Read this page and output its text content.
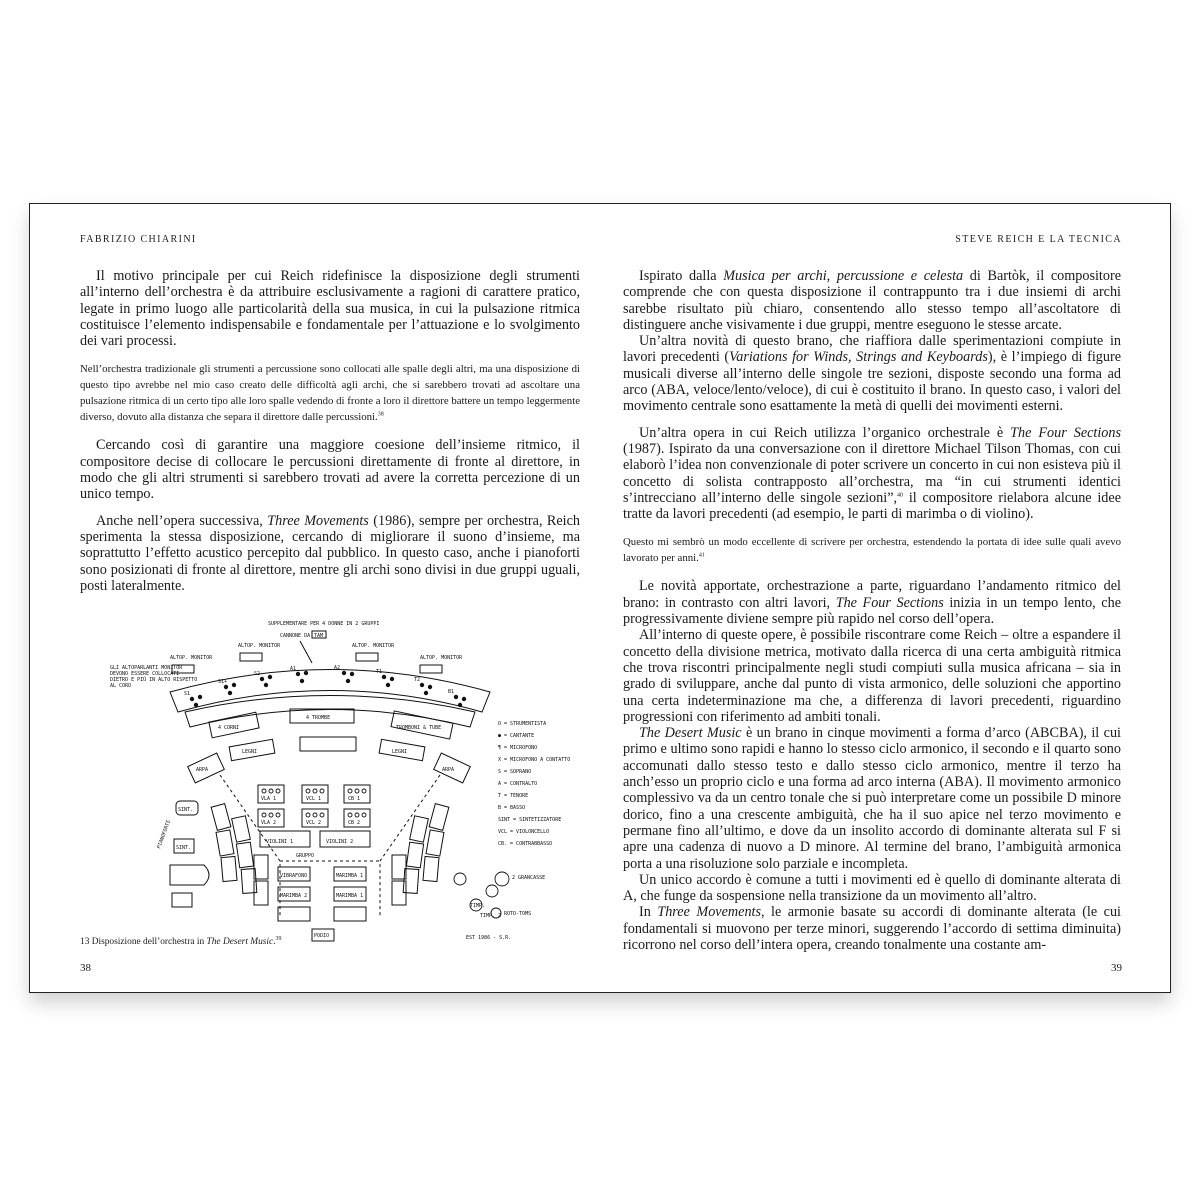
FABRIZIO CHIARINI

Il motivo principale per cui Reich ridefinisce la disposizione degli strumenti all’interno dell’orchestra è da attribuire esclusivamente a ragioni di carattere pratico, legate in primo luogo alle particolarità della sua musica, in cui la pulsazione ritmica costituisce l’elemento indispensabile e fondamentale per l’attuazione e lo svolgimento dei vari processi.

Nell’orchestra tradizionale gli strumenti a percussione sono collocati alle spalle degli altri, ma una disposizione di questo tipo avrebbe nel mio caso creato delle difficoltà agli archi, che si sarebbero trovati ad ascoltare una pulsazione ritmica di un certo tipo alle loro spalle vedendo di fronte a loro il direttore battere un tempo leggermente diverso, dovuto alla distanza che separa il direttore dalle percussioni.$^{38}$

Cercando così di garantire una maggiore coesione dell’insieme ritmico, il compositore decise di collocare le percussioni direttamente di fronte al direttore, in modo che gli altri strumenti si sarebbero trovati ad avere la corretta percezione di un unico tempo.

Anche nell’opera successiva, Three Movements (1986), sempre per orchestra, Reich sperimenta la stessa disposizione, cercando di migliorare il suono d’insieme, ma soprattutto l’effetto acustico percepito dal pubblico. In questo caso, anche i pianoforti sono posizionati di fronte al direttore, mentre gli archi sono divisi in due gruppi uguali, posti lateralmente.

GLI ALTOPARLANTI MONITOR
DEVONO ESSERE COLLOCATI
DIETRO E PIÙ IN ALTO RISPETTO
AL CORO
ALTOP. MONITOR
ALTOP. MONITOR	ALTOP. MONITOR
ALTOP. MONITOR
SUPPLEMENTARE PER 4 DONNE IN 2 GRUPPI
CANNONE DA TAM
S1
S1+
S2
A1	A2
T1
T2
B1
4 CORNI
4 TROMBE
TROMBONI & TUBE
LEGNI	LEGNI
ARPA	ARPA
VLA 1	VCL 1	CB 1
VLA 2	VCL 2	CB 2
VIOLINI 1	VIOLINI 2
GRUPPO
VIBRAFONO	MARIMBA 1
MARIMBA 2	MARIMBA 1
PODIO
SINT.
SINT.
PIANOFORTE
2 GRANCASSE
TIMP.
ROTO-TOMS
TIMP. 2
O = STRUMENTISTA
● = CANTANTE
¶ = MICROFONO
X = MICROFONO A CONTATTO
S = SOPRANO
A = CONTRALTO
T = TENORE
B = BASSO
SINT = SINTETIZZATORE
VCL = VIOLONCELLO
CB. = CONTRABBASSO
EST 1986 - S.R.
13 Disposizione dell’orchestra in The Desert Music.$^{39}$
38
STEVE REICH E LA TECNICA

Ispirato dalla Musica per archi, percussione e celesta di Bartòk, il compositore comprende che con questa disposizione il contrappunto tra i due insiemi di archi sarebbe risultato più chiaro, consentendo allo stesso tempo all’ascoltatore di distinguere anche visivamente i due gruppi, mentre eseguono le stesse arcate.

Un’altra novità di questo brano, che riaffiora dalle sperimentazioni compiute in lavori precedenti (Variations for Winds, Strings and Keyboards), è l’impiego di figure musicali diverse all’interno delle singole tre sezioni, disposte secondo una forma ad arco (ABA, veloce/lento/veloce), di cui è costituito il brano. In questo caso, i valori del movimento centrale sono esattamente la metà di quelli dei movimenti esterni.

Un’altra opera in cui Reich utilizza l’organico orchestrale è The Four Sections (1987). Ispirato da una conversazione con il direttore Michael Tilson Thomas, con cui elaborò l’idea non convenzionale di poter scrivere un concerto in cui non esisteva più il concetto di solista contrapposto all’orchestra, ma “in cui strumenti identici s’intrecciano all’interno delle singole sezioni”,$^{40}$ il compositore rielabora alcune idee tratte da lavori precedenti (ad esempio, le parti di marimba o di violino).

Questo mi sembrò un modo eccellente di scrivere per orchestra, estendendo la portata di idee sulle quali avevo lavorato per anni.$^{41}$

Le novità apportate, orchestrazione a parte, riguardano l’andamento ritmico del brano: in contrasto con altri lavori, The Four Sections inizia in un tempo lento, che progressivamente diviene sempre più rapido nel corso dell’opera.

All’interno di queste opere, è possibile riscontrare come Reich – oltre a espandere il concetto della divisione metrica, motivato dalla ricerca di una certa ambiguità ritmica che trova riscontri principalmente negli studi compiuti sulla musica africana – sia in grado di sviluppare, anche dal punto di vista armonico, delle soluzioni che apportino una certa indeterminazione ma che, a differenza di lavori precedenti, riguardino progressioni con riferimento ad ambiti tonali.

The Desert Music è un brano in cinque movimenti a forma d’arco (ABCBA), il cui primo e ultimo sono rapidi e hanno lo stesso ciclo armonico, il secondo e il quarto sono accomunati dallo stesso testo e dallo stesso ciclo armonico, mentre il terzo ha anch’esso un proprio ciclo e una forma ad arco interna (ABA). Il movimento armonico complessivo va da un centro tonale che si può interpretare come un possibile D minore dorico, fino a una crescente ambiguità, che ha il suo apice nel terzo movimento e permane fino all’ultimo, e dove da un insolito accordo di dominante alterata sul F si apre una cadenza di nuovo a D minore. Al termine del brano, l’ambiguità armonica porta a una risoluzione solo parziale e incompleta.

Un unico accordo è comune a tutti i movimenti ed è quello di dominante alterata di A, che funge da sospensione nella transizione da un movimento all’altro.

In Three Movements, le armonie basate su accordi di dominante alterata (le cui fondamentali si muovono per terze minori, suggerendo l’accordo di settima diminuita) ricorrono nel corso dell’intera opera, creando tonalmente una costante am-

39
